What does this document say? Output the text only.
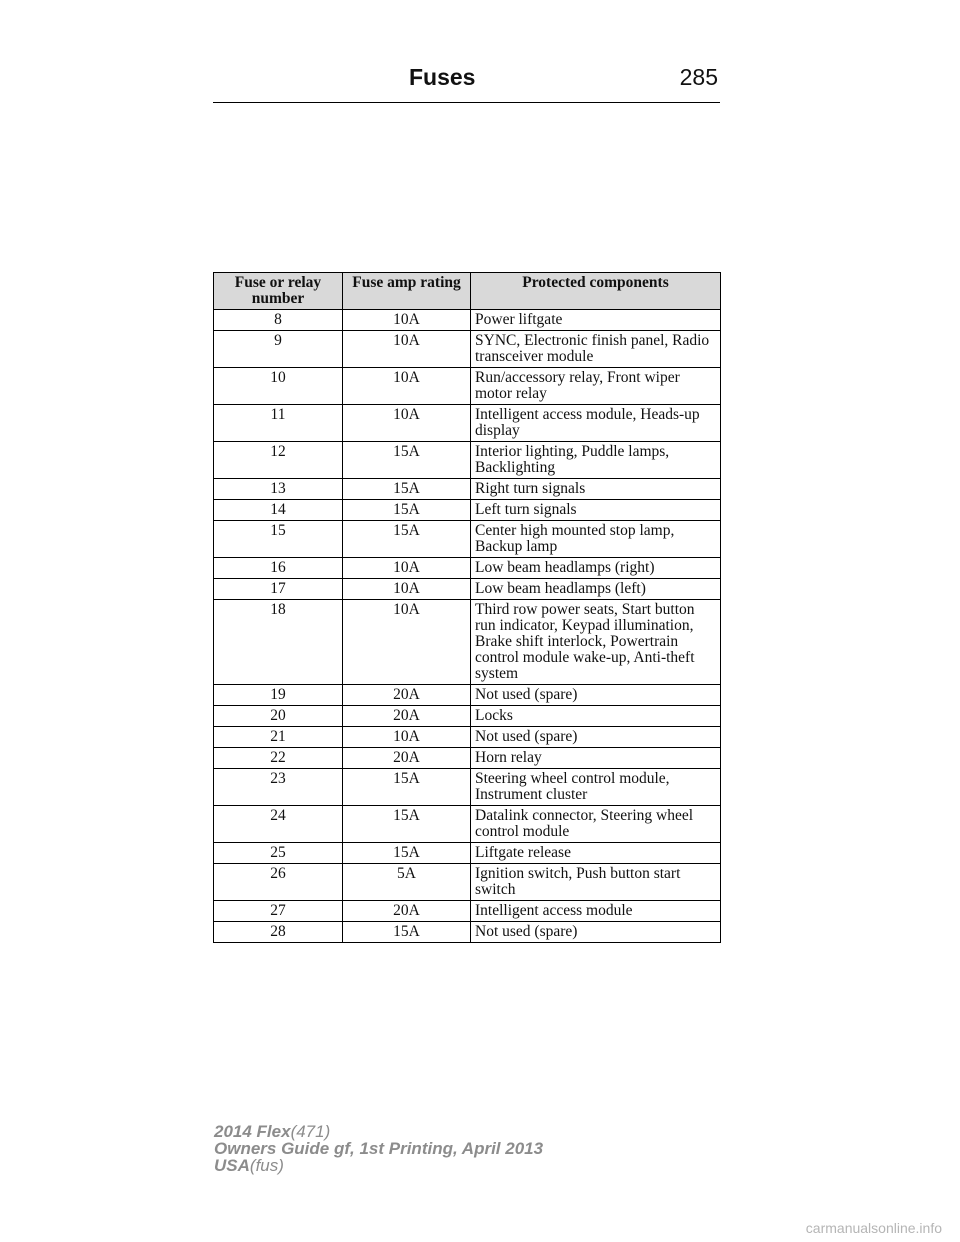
Fuses	285
Fuse or relay number	Fuse amp rating	Protected components
8	10A	Power liftgate
9	10A	SYNC, Electronic finish panel, Radio transceiver module
10	10A	Run/accessory relay, Front wiper motor relay
11	10A	Intelligent access module, Heads-up display
12	15A	Interior lighting, Puddle lamps, Backlighting
13	15A	Right turn signals
14	15A	Left turn signals
15	15A	Center high mounted stop lamp, Backup lamp
16	10A	Low beam headlamps (right)
17	10A	Low beam headlamps (left)
18	10A	Third row power seats, Start button run indicator, Keypad illumination, Brake shift interlock, Powertrain control module wake-up, Anti-theft system
19	20A	Not used (spare)
20	20A	Locks
21	10A	Not used (spare)
22	20A	Horn relay
23	15A	Steering wheel control module, Instrument cluster
24	15A	Datalink connector, Steering wheel control module
25	15A	Liftgate release
26	5A	Ignition switch, Push button start switch
27	20A	Intelligent access module
28	15A	Not used (spare)
2014 Flex(471)
Owners Guide gf, 1st Printing, April 2013
USA(fus)
carmanualsonline.info
